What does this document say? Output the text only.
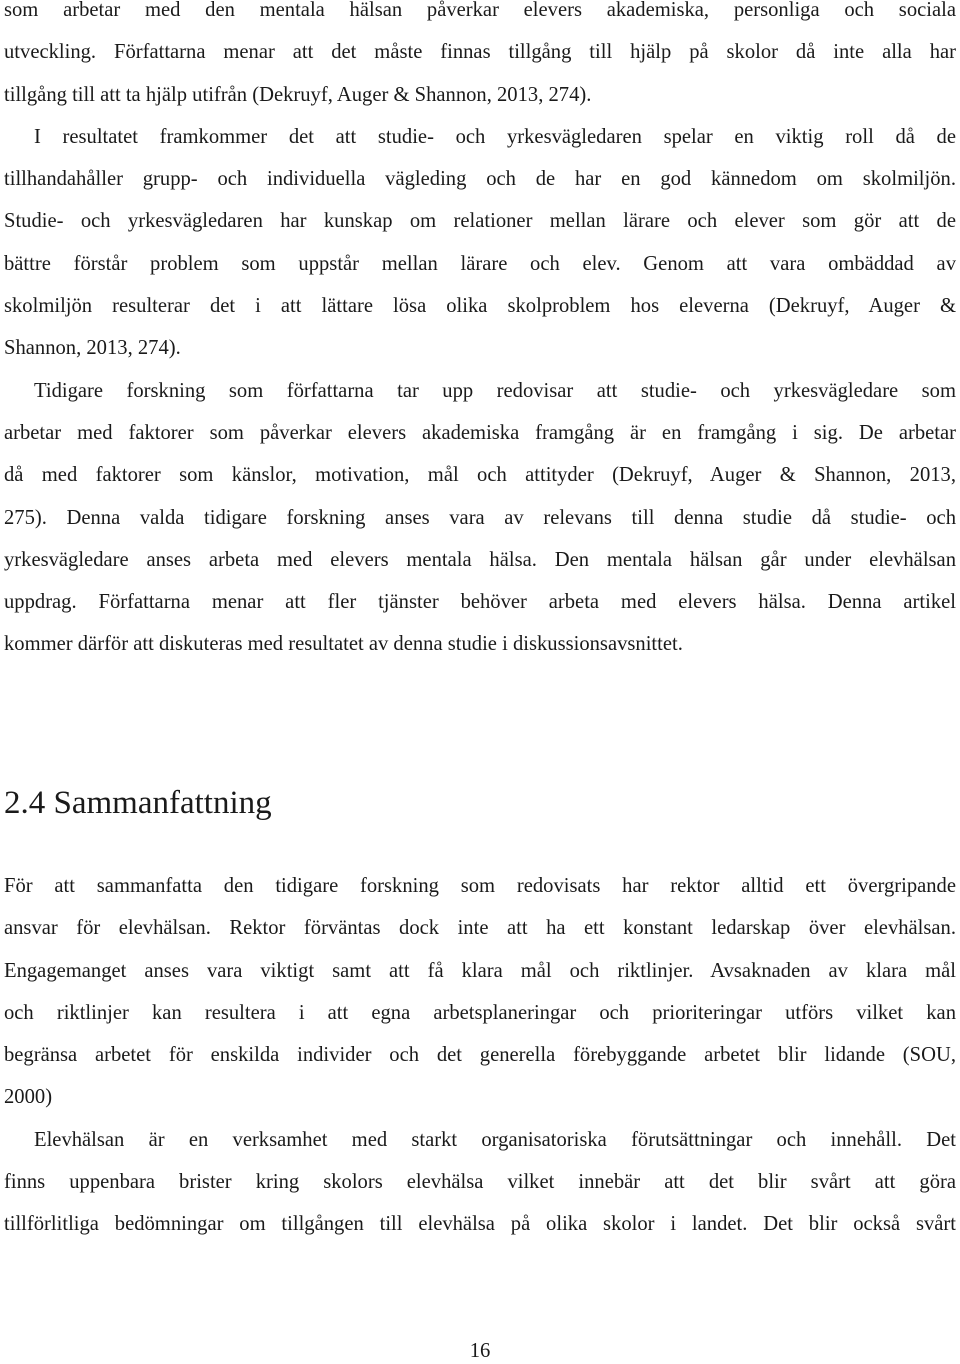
som arbetar med den mentala hälsan påverkar elevers akademiska, personliga och sociala
utveckling. Författarna menar att det måste finnas tillgång till hjälp på skolor då inte alla har
tillgång till att ta hjälp utifrån (Dekruyf, Auger & Shannon, 2013, 274).

I resultatet framkommer det att studie- och yrkesvägledaren spelar en viktig roll då de
tillhandahåller grupp- och individuella vägleding och de har en god kännedom om skolmiljön.
Studie- och yrkesvägledaren har kunskap om relationer mellan lärare och elever som gör att de
bättre förstår problem som uppstår mellan lärare och elev. Genom att vara ombäddad av
skolmiljön resulterar det i att lättare lösa olika skolproblem hos eleverna (Dekruyf, Auger &
Shannon, 2013, 274).

Tidigare forskning som författarna tar upp redovisar att studie- och yrkesvägledare som
arbetar med faktorer som påverkar elevers akademiska framgång är en framgång i sig. De arbetar
då med faktorer som känslor, motivation, mål och attityder (Dekruyf, Auger & Shannon, 2013,
275). Denna valda tidigare forskning anses vara av relevans till denna studie då studie- och
yrkesvägledare anses arbeta med elevers mentala hälsa. Den mentala hälsan går under elevhälsan
uppdrag. Författarna menar att fler tjänster behöver arbeta med elevers hälsa. Denna artikel
kommer därför att diskuteras med resultatet av denna studie i diskussionsavsnittet.

2.4 Sammanfattning

För att sammanfatta den tidigare forskning som redovisats har rektor alltid ett övergripande
ansvar för elevhälsan. Rektor förväntas dock inte att ha ett konstant ledarskap över elevhälsan.
Engagemanget anses vara viktigt samt att få klara mål och riktlinjer. Avsaknaden av klara mål
och riktlinjer kan resultera i att egna arbetsplaneringar och prioriteringar utförs vilket kan
begränsa arbetet för enskilda individer och det generella förebyggande arbetet blir lidande (SOU,
2000)

Elevhälsan är en verksamhet med starkt organisatoriska förutsättningar och innehåll. Det
finns uppenbara brister kring skolors elevhälsa vilket innebär att det blir svårt att göra
tillförlitliga bedömningar om tillgången till elevhälsa på olika skolor i landet. Det blir också svårt

16
